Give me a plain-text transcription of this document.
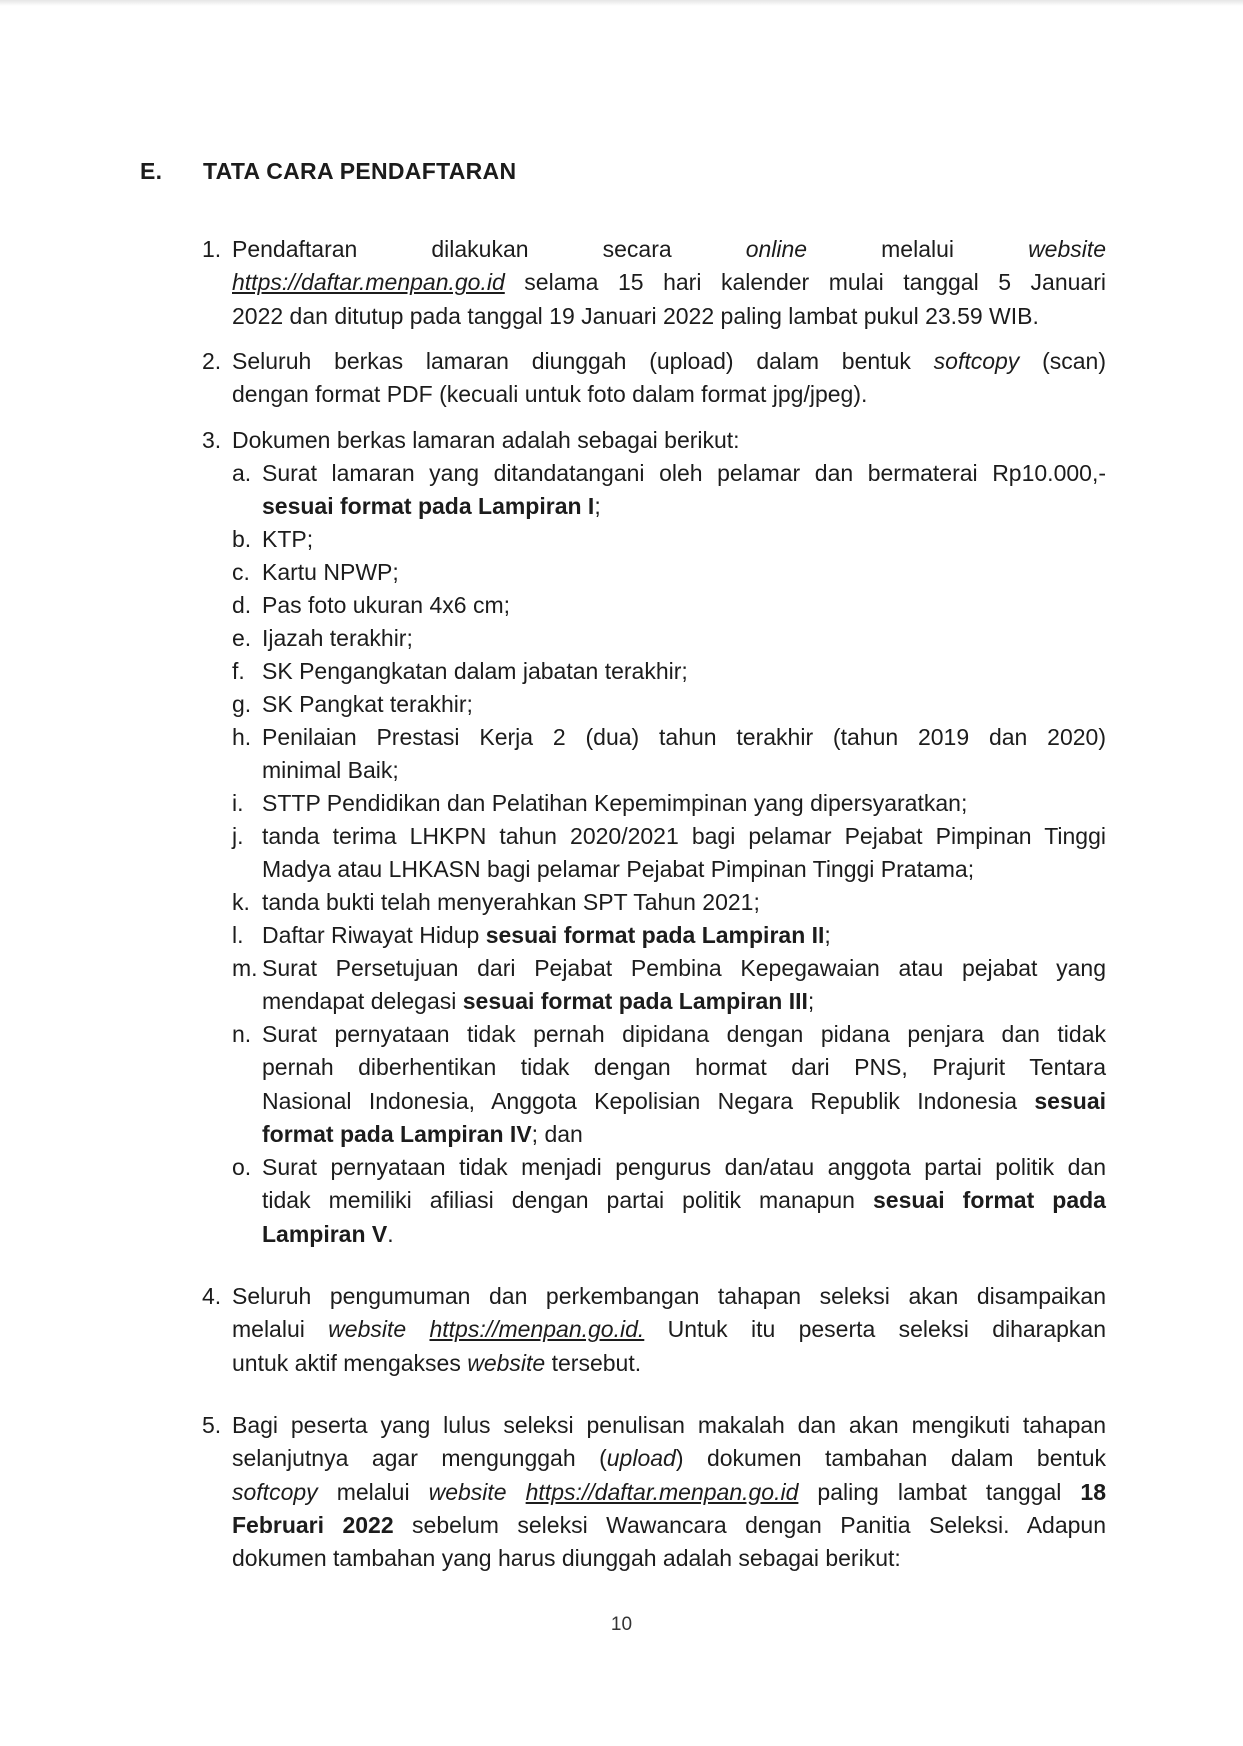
E.	TATA CARA PENDAFTARAN
1. Pendaftaran	dilakukan	secara	online	melalui	website
https://daftar.menpan.go.id selama 15 hari kalender mulai tanggal 5 Januari
2022 dan ditutup pada tanggal 19 Januari 2022 paling lambat pukul 23.59 WIB.
2. Seluruh berkas lamaran diunggah (upload) dalam bentuk softcopy (scan)
dengan format PDF (kecuali untuk foto dalam format jpg/jpeg).
3. Dokumen berkas lamaran adalah sebagai berikut:
a. Surat lamaran yang ditandatangani oleh pelamar dan bermaterai Rp10.000,-
sesuai format pada Lampiran I;
b. KTP;
c. Kartu NPWP;
d. Pas foto ukuran 4x6 cm;
e. Ijazah terakhir;
f. SK Pengangkatan dalam jabatan terakhir;
g. SK Pangkat terakhir;
h. Penilaian Prestasi Kerja 2 (dua) tahun terakhir (tahun 2019 dan 2020)
minimal Baik;
i. STTP Pendidikan dan Pelatihan Kepemimpinan yang dipersyaratkan;
j. tanda terima LHKPN tahun 2020/2021 bagi pelamar Pejabat Pimpinan Tinggi
Madya atau LHKASN bagi pelamar Pejabat Pimpinan Tinggi Pratama;
k. tanda bukti telah menyerahkan SPT Tahun 2021;
l. Daftar Riwayat Hidup sesuai format pada Lampiran II;
m. Surat Persetujuan dari Pejabat Pembina Kepegawaian atau pejabat yang
mendapat delegasi sesuai format pada Lampiran III;
n. Surat pernyataan tidak pernah dipidana dengan pidana penjara dan tidak
pernah diberhentikan tidak dengan hormat dari PNS, Prajurit Tentara
Nasional Indonesia, Anggota Kepolisian Negara Republik Indonesia sesuai
format pada Lampiran IV; dan
o. Surat pernyataan tidak menjadi pengurus dan/atau anggota partai politik dan
tidak memiliki afiliasi dengan partai politik manapun sesuai format pada
Lampiran V.
4. Seluruh pengumuman dan perkembangan tahapan seleksi akan disampaikan
melalui website https://menpan.go.id. Untuk itu peserta seleksi diharapkan
untuk aktif mengakses website tersebut.
5. Bagi peserta yang lulus seleksi penulisan makalah dan akan mengikuti tahapan
selanjutnya agar mengunggah (upload) dokumen tambahan dalam bentuk
softcopy melalui website https://daftar.menpan.go.id paling lambat tanggal 18
Februari 2022 sebelum seleksi Wawancara dengan Panitia Seleksi. Adapun
dokumen tambahan yang harus diunggah adalah sebagai berikut:
10
